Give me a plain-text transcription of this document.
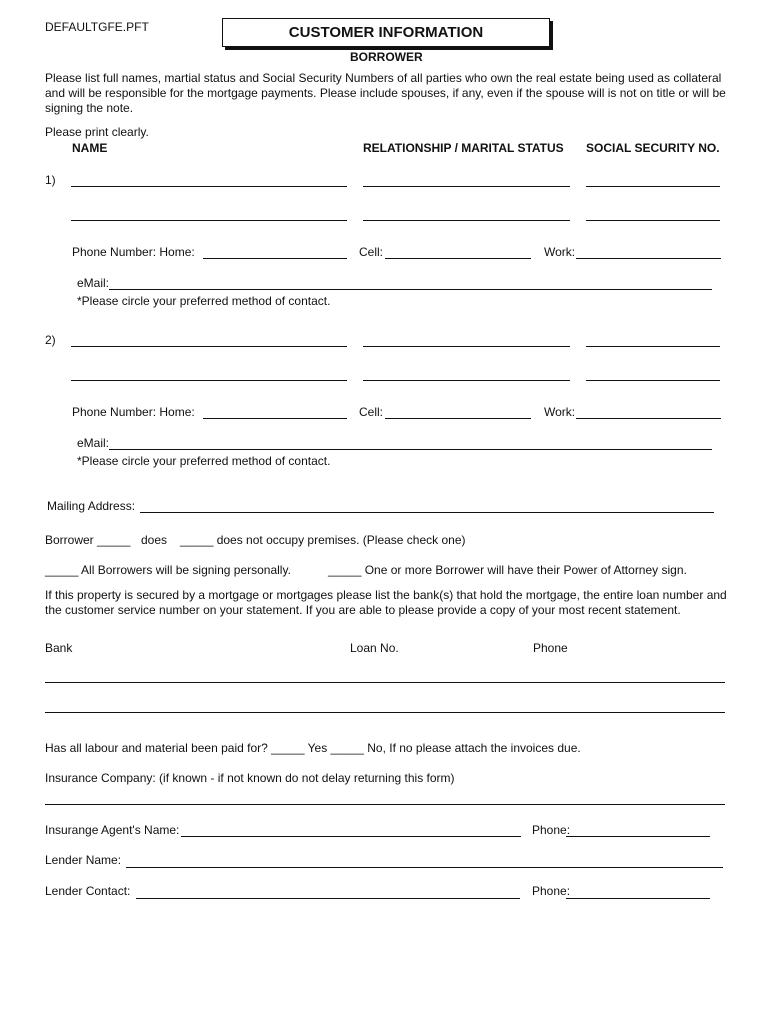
DEFAULTGFE.PFT	CUSTOMER INFORMATION
BORROWER
Please list full names, martial status and Social Security Numbers of all parties who own the real estate being used as collateral and will be responsible for the mortgage payments. Please include spouses, if any, even if the spouse will is not on title or will be signing the note.
Please print clearly.
NAME	RELATIONSHIP / MARITAL STATUS SOCIAL SECURITY NO.
1)
Phone Number: Home:	Cell:	Work:
eMail:
*Please circle your preferred method of contact.
2)
Phone Number: Home:	Cell:	Work:
eMail:
*Please circle your preferred method of contact.
Mailing Address:
Borrower _____ does _____ does not occupy premises. (Please check one)
_____ All Borrowers will be signing personally.	_____ One or more Borrower will have their Power of Attorney sign.
If this property is secured by a mortgage or mortgages please list the bank(s) that hold the mortgage, the entire loan number and the customer service number on your statement. If you are able to please provide a copy of your most recent statement.
Bank	Loan No.	Phone
Has all labour and material been paid for? _____ Yes _____ No, If no please attach the invoices due.
Insurance Company: (if known - if not known do not delay returning this form)
Insurange Agent's Name:	Phone:
Lender Name:
Lender Contact:	Phone:
